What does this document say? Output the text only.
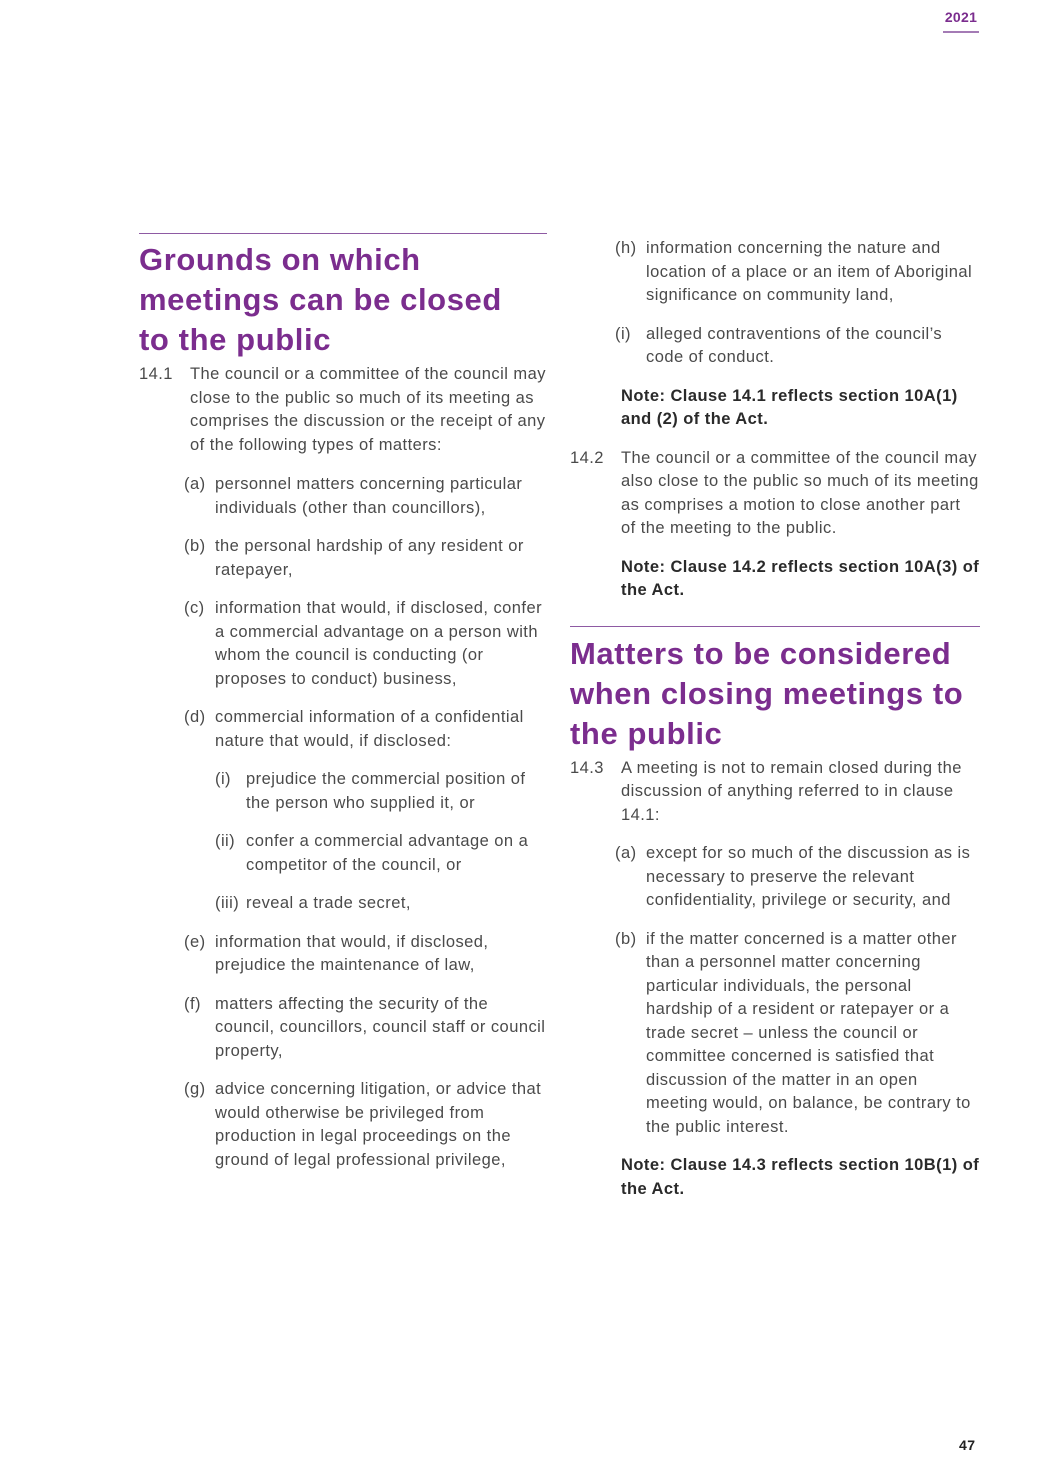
2021
Grounds on which meetings can be closed to the public
14.1	The council or a committee of the council may close to the public so much of its meeting as comprises the discussion or the receipt of any of the following types of matters:
(a) personnel matters concerning particular individuals (other than councillors),
(b) the personal hardship of any resident or ratepayer,
(c) information that would, if disclosed, confer a commercial advantage on a person with whom the council is conducting (or proposes to conduct) business,
(d) commercial information of a confidential nature that would, if disclosed:
(i) prejudice the commercial position of the person who supplied it, or
(ii) confer a commercial advantage on a competitor of the council, or
(iii) reveal a trade secret,
(e) information that would, if disclosed, prejudice the maintenance of law,
(f) matters affecting the security of the council, councillors, council staff or council property,
(g) advice concerning litigation, or advice that would otherwise be privileged from production in legal proceedings on the ground of legal professional privilege,
(h) information concerning the nature and location of a place or an item of Aboriginal significance on community land,
(i) alleged contraventions of the council’s code of conduct.
Note: Clause 14.1 reflects section 10A(1) and (2) of the Act.
14.2	The council or a committee of the council may also close to the public so much of its meeting as comprises a motion to close another part of the meeting to the public.
Note: Clause 14.2 reflects section 10A(3) of the Act.
Matters to be considered when closing meetings to the public
14.3	A meeting is not to remain closed during the discussion of anything referred to in clause 14.1:
(a) except for so much of the discussion as is necessary to preserve the relevant confidentiality, privilege or security, and
(b) if the matter concerned is a matter other than a personnel matter concerning particular individuals, the personal hardship of a resident or ratepayer or a trade secret – unless the council or committee concerned is satisfied that discussion of the matter in an open meeting would, on balance, be contrary to the public interest.
Note: Clause 14.3 reflects section 10B(1) of the Act.
47
